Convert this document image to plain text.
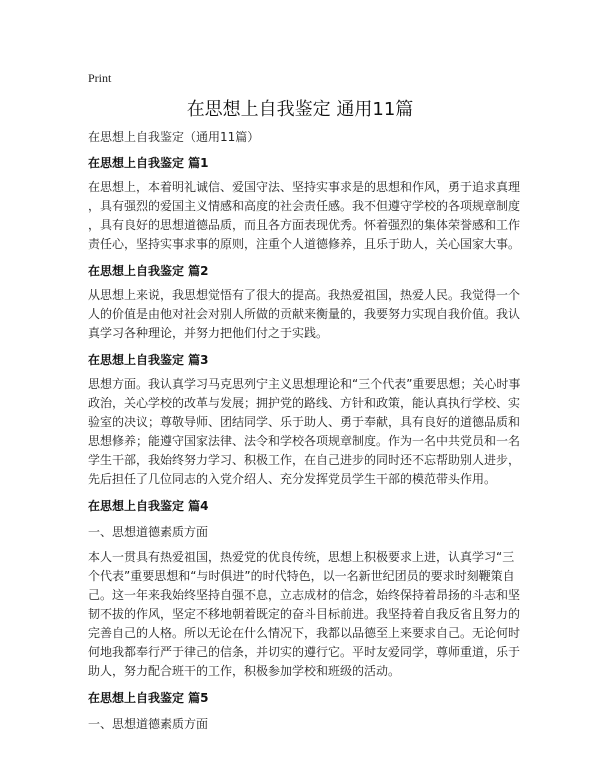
Print
在思想上自我鉴定 通用11篇
在思想上自我鉴定（通用11篇）
在思想上自我鉴定 篇1
在思想上，本着明礼诚信、爱国守法、坚持实事求是的思想和作风，勇于追求真理
，具有强烈的爱国主义情感和高度的社会责任感。我不但遵守学校的各项规章制度
，具有良好的思想道德品质，而且各方面表现优秀。怀着强烈的集体荣誉感和工作
责任心，坚持实事求事的原则，注重个人道德修养，且乐于助人，关心国家大事。
在思想上自我鉴定 篇2
从思想上来说，我思想觉悟有了很大的提高。我热爱祖国，热爱人民。我觉得一个
人的价值是由他对社会对别人所做的贡献来衡量的，我要努力实现自我价值。我认
真学习各种理论，并努力把他们付之于实践。
在思想上自我鉴定 篇3
思想方面。我认真学习马克思列宁主义思想理论和“三个代表”重要思想；关心时事
政治，关心学校的改革与发展；拥护党的路线、方针和政策，能认真执行学校、实
验室的决议；尊敬导师、团结同学、乐于助人、勇于奉献，具有良好的道德品质和
思想修养；能遵守国家法律、法令和学校各项规章制度。作为一名中共党员和一名
学生干部，我始终努力学习、积极工作，在自己进步的同时还不忘帮助别人进步，
先后担任了几位同志的入党介绍人、充分发挥党员学生干部的模范带头作用。
在思想上自我鉴定 篇4
一、思想道德素质方面
本人一贯具有热爱祖国，热爱党的优良传统，思想上积极要求上进，认真学习“三
个代表”重要思想和“与时俱进”的时代特色，以一名新世纪团员的要求时刻鞭策自
己。这一年来我始终坚持自强不息，立志成材的信念，始终保持着昂扬的斗志和坚
韧不拔的作风，坚定不移地朝着既定的奋斗目标前进。我坚持着自我反省且努力的
完善自己的人格。所以无论在什么情况下，我都以品德至上来要求自己。无论何时
何地我都奉行严于律己的信条，并切实的遵行它。平时友爱同学，尊师重道，乐于
助人，努力配合班干的工作，积极参加学校和班级的活动。
在思想上自我鉴定 篇5
一、思想道德素质方面
